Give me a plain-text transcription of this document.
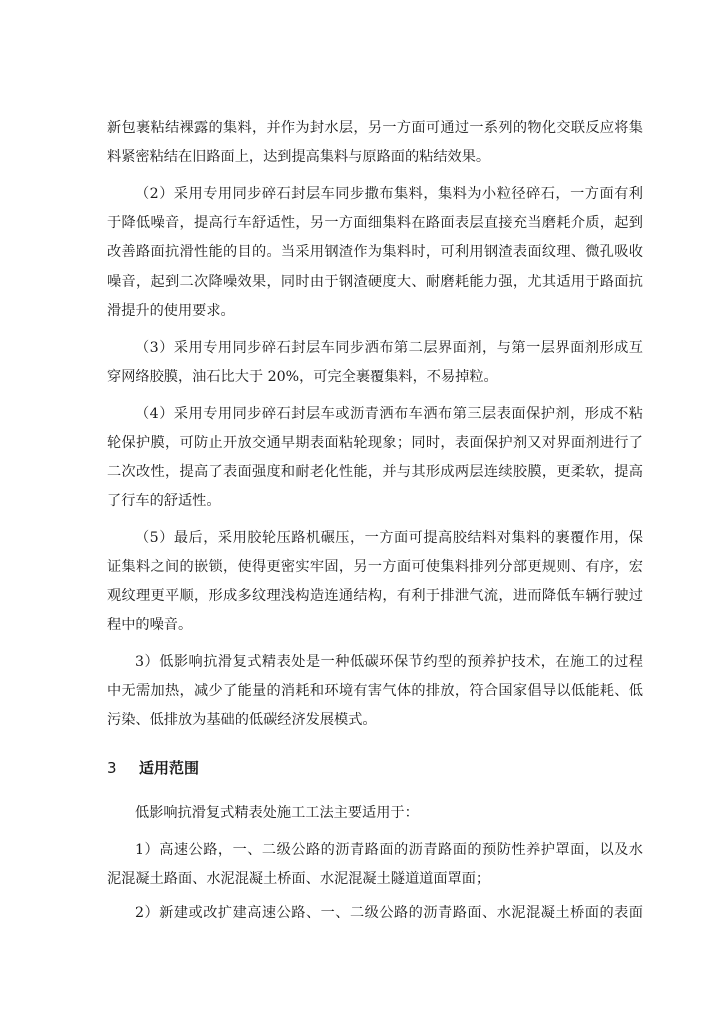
新包裹粘结裸露的集料，并作为封水层，另一方面可通过一系列的物化交联反应将集
料紧密粘结在旧路面上，达到提高集料与原路面的粘结效果。
（2）采用专用同步碎石封层车同步撒布集料，集料为小粒径碎石，一方面有利
于降低噪音，提高行车舒适性，另一方面细集料在路面表层直接充当磨耗介质，起到
改善路面抗滑性能的目的。当采用钢渣作为集料时，可利用钢渣表面纹理、微孔吸收
噪音，起到二次降噪效果，同时由于钢渣硬度大、耐磨耗能力强，尤其适用于路面抗
滑提升的使用要求。
（3）采用专用同步碎石封层车同步洒布第二层界面剂，与第一层界面剂形成互
穿网络胶膜，油石比大于 20%，可完全裹覆集料，不易掉粒。
（4）采用专用同步碎石封层车或沥青洒布车洒布第三层表面保护剂，形成不粘
轮保护膜，可防止开放交通早期表面粘轮现象；同时，表面保护剂又对界面剂进行了
二次改性，提高了表面强度和耐老化性能，并与其形成两层连续胶膜，更柔软，提高
了行车的舒适性。
（5）最后，采用胶轮压路机碾压，一方面可提高胶结料对集料的裹覆作用，保
证集料之间的嵌锁，使得更密实牢固，另一方面可使集料排列分部更规则、有序，宏
观纹理更平顺，形成多纹理浅构造连通结构，有利于排泄气流，进而降低车辆行驶过
程中的噪音。
3）低影响抗滑复式精表处是一种低碳环保节约型的预养护技术，在施工的过程
中无需加热，减少了能量的消耗和环境有害气体的排放，符合国家倡导以低能耗、低
污染、低排放为基础的低碳经济发展模式。
3 适用范围
低影响抗滑复式精表处施工工法主要适用于：
1）高速公路，一、二级公路的沥青路面的沥青路面的预防性养护罩面，以及水
泥混凝土路面、水泥混凝土桥面、水泥混凝土隧道道面罩面；
2）新建或改扩建高速公路、一、二级公路的沥青路面、水泥混凝土桥面的表面
